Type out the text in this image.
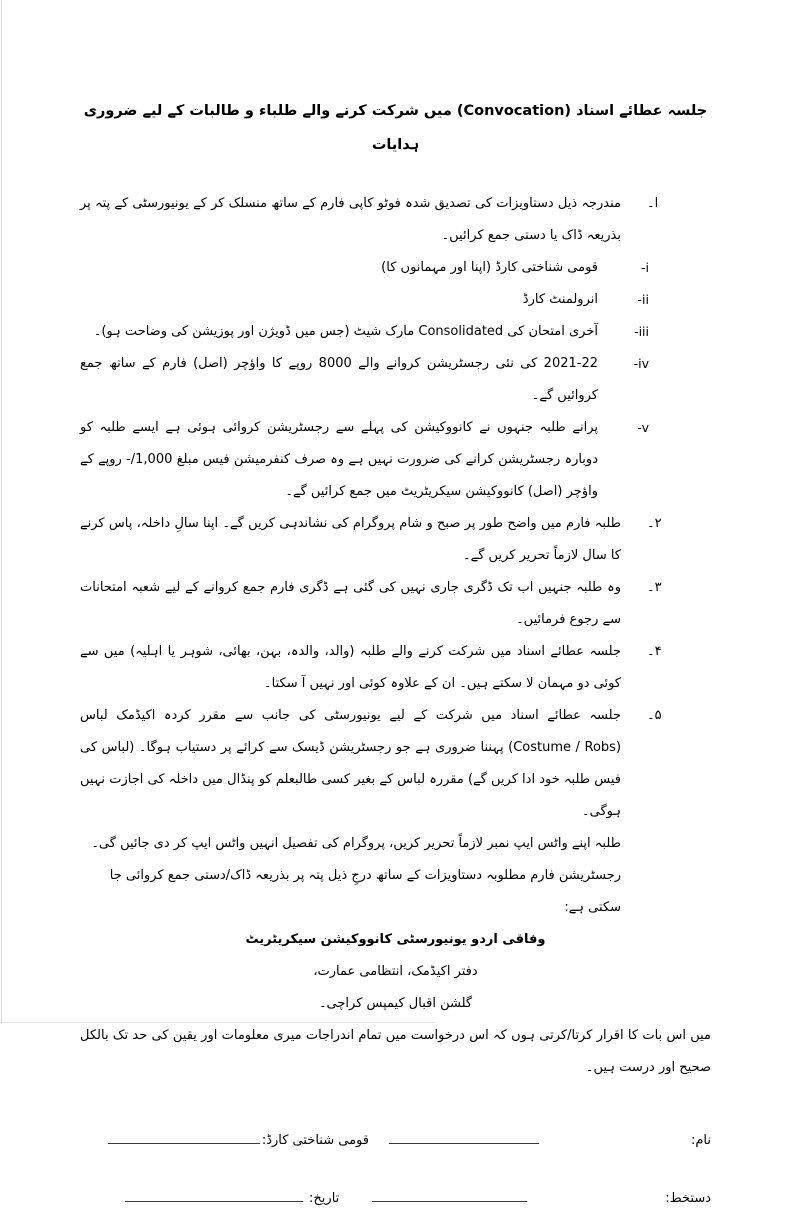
جلسہ عطائے اسناد (Convocation) میں شرکت کرنے والے طلباء و طالبات کے لیے ضروری ہدایات
ا۔
مندرجہ ذیل دستاویزات کی تصدیق شدہ فوٹو کاپی فارم کے ساتھ منسلک کر کے یونیورسٹی کے پتہ پر بذریعہ ڈاک یا دستی جمع کرائیں۔
-i
قومی شناختی کارڈ (اپنا اور مہمانوں کا)
-ii
انرولمنٹ کارڈ
-iii
آخری امتحان کی Consolidated مارک شیٹ (جس میں ڈویژن اور پوزیشن کی وضاحت ہو)۔
-iv
2021-22 کی نئی رجسٹریشن کروانے والے 8000 روپے کا واؤچر (اصل) فارم کے ساتھ جمع کروائیں گے۔
-v
پرانے طلبہ جنہوں نے کانووکیشن کی پہلے سے رجسٹریشن کروائی ہوئی ہے ایسے طلبہ کو دوبارہ رجسٹریشن کرانے کی ضرورت نہیں ہے وہ صرف کنفرمیشن فیس مبلغ 1,000/- روپے کے واؤچر (اصل) کانووکیشن سیکریٹریٹ میں جمع کرائیں گے۔
۲۔
طلبہ فارم میں واضح طور پر صبح و شام پروگرام کی نشاندہی کریں گے۔ اپنا سالِ داخلہ، پاس کرنے کا سال لازماً تحریر کریں گے۔
۳۔
وہ طلبہ جنہیں اب تک ڈگری جاری نہیں کی گئی ہے ڈگری فارم جمع کروانے کے لیے شعبہ امتحانات سے رجوع فرمائیں۔
۴۔
جلسہ عطائے اسناد میں شرکت کرنے والے طلبہ (والد، والدہ، بہن، بھائی، شوہر یا اہلیہ) میں سے کوئی دو مہمان لا سکتے ہیں۔ ان کے علاوہ کوئی اور نہیں آ سکتا۔
۵۔
جلسہ عطائے اسناد میں شرکت کے لیے یونیورسٹی کی جانب سے مقرر کردہ اکیڈمک لباس (Costume / Robs) پہننا ضروری ہے جو رجسٹریشن ڈیسک سے کرائے پر دستیاب ہوگا۔ (لباس کی فیس طلبہ خود ادا کریں گے) مقررہ لباس کے بغیر کسی طالبعلم کو پنڈال میں داخلہ کی اجازت نہیں ہوگی۔
طلبہ اپنے واٹس ایپ نمبر لازماً تحریر کریں، پروگرام کی تفصیل انہیں واٹس ایپ کر دی جائیں گی۔
رجسٹریشن فارم مطلوبہ دستاویزات کے ساتھ درجِ ذیل پتہ پر بذریعہ ڈاک/دستی جمع کروائی جا سکتی ہے:
وفاقی اردو یونیورسٹی کانووکیشن سیکریٹریٹ
دفتر اکیڈمک، انتظامی عمارت،
گلشن اقبال کیمپس کراچی۔
میں اس بات کا اقرار کرتا/کرتی ہوں کہ اس درخواست میں تمام اندراجات میری معلومات اور یقین کی حد تک بالکل صحیح اور درست ہیں۔
نام:قومی شناختی کارڈ:
دستخط:تاریخ:
